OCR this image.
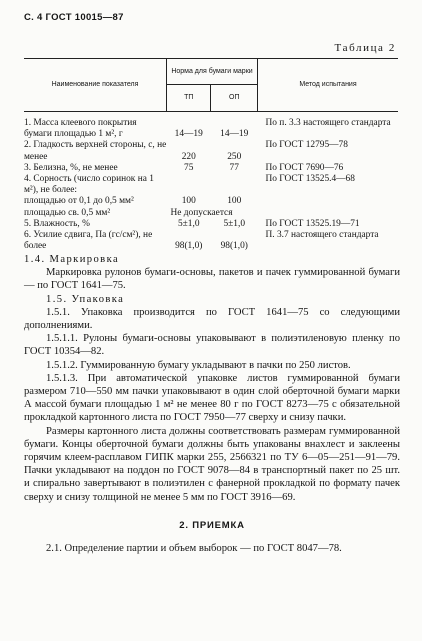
С. 4 ГОСТ 10015—87
Таблица 2
Наименование показателя	Норма для бумаги марки		Метод испытания
	ТП	ОП	
1. Массa клеевого покрытия бумаги площадью 1 м², г	14—19	14—19	По п. 3.3 настоящего стандарта
2. Гладкость верхней стороны, с, не менее	220	250	По ГОСТ 12795—78
3. Белизна, %, не менее	75	77	По ГОСТ 7690—76
4. Сорность (число соринок на 1 м²), не более:			По ГОСТ 13525.4—68
площадью от 0,1 до 0,5 мм²	100	100	
площадью св. 0,5 мм²	Не допускается		
5. Влажность, %	5±1,0	5±1,0	По ГОСТ 13525.19—71
6. Усилие сдвига, Па (гс/см²), не более	98(1,0)	98(1,0)	П. 3.7 настоящего стандарта

1.4. Маркировка

Маркировка рулонов бумаги-основы, пакетов и пачек гуммированной бумаги — по ГОСТ 1641—75.

1.5. Упаковка

1.5.1. Упаковка производится по ГОСТ 1641—75 со следующими дополнениями.

1.5.1.1. Рулоны бумаги-основы упаковывают в полиэтиленовую пленку по ГОСТ 10354—82.

1.5.1.2. Гуммированную бумагу укладывают в пачки по 250 листов.

1.5.1.3. При автоматической упаковке листов гуммированной бумаги размером 710—550 мм пачки упаковывают в один слой оберточной бумаги марки А массой бумаги площадью 1 м² не менее 80 г по ГОСТ 8273—75 с обязательной прокладкой картонного листа по ГОСТ 7950—77 сверху и снизу пачки.

Размеры картонного листа должны соответствовать размерам гуммированной бумаги. Концы оберточной бумаги должны быть упакованы внахлест и заклеены горячим клеем-расплавом ГИПК марки 255, 2566321 по ТУ 6—05—251—91—79. Пачки укладывают на поддон по ГОСТ 9078—84 в транспортный пакет по 25 шт. и спирально завертывают в полиэтилен с фанерной прокладкой по формату пачек сверху и снизу толщиной не менее 5 мм по ГОСТ 3916—69.

2. ПРИЕМКА

2.1. Определение партии и объем выборок — по ГОСТ 8047—78.
